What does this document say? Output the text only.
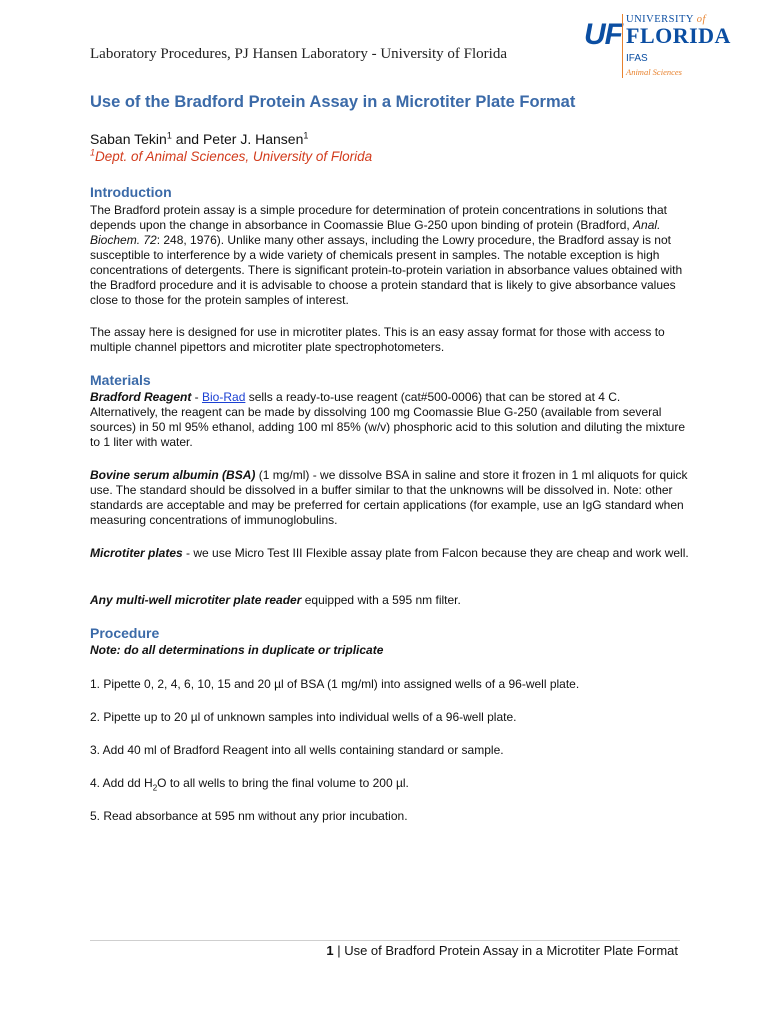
Laboratory Procedures, PJ Hansen Laboratory - University of Florida
UF UNIVERSITY of
FLORIDA
IFAS
Animal Sciences
Use of the Bradford Protein Assay in a Microtiter Plate Format
Saban Tekin$^1$ and Peter J. Hansen$^1$
$^1$Dept. of Animal Sciences, University of Florida
Introduction
The Bradford protein assay is a simple procedure for determination of protein concentrations in solutions that depends upon the change in absorbance in Coomassie Blue G-250 upon binding of protein (Bradford, Anal. Biochem. 72: 248, 1976). Unlike many other assays, including the Lowry procedure, the Bradford assay is not susceptible to interference by a wide variety of chemicals present in samples. The notable exception is high concentrations of detergents. There is significant protein-to-protein variation in absorbance values obtained with the Bradford procedure and it is advisable to choose a protein standard that is likely to give absorbance values close to those for the protein samples of interest.
The assay here is designed for use in microtiter plates. This is an easy assay format for those with access to multiple channel pipettors and microtiter plate spectrophotometers.
Materials
Bradford Reagent - Bio-Rad sells a ready-to-use reagent (cat#500-0006) that can be stored at 4 C. Alternatively, the reagent can be made by dissolving 100 mg Coomassie Blue G-250 (available from several sources) in 50 ml 95% ethanol, adding 100 ml 85% (w/v) phosphoric acid to this solution and diluting the mixture to 1 liter with water.
Bovine serum albumin (BSA) (1 mg/ml) - we dissolve BSA in saline and store it frozen in 1 ml aliquots for quick use. The standard should be dissolved in a buffer similar to that the unknowns will be dissolved in. Note: other standards are acceptable and may be preferred for certain applications (for example, use an IgG standard when measuring concentrations of immunoglobulins.
Microtiter plates - we use Micro Test III Flexible assay plate from Falcon because they are cheap and work well.
Any multi-well microtiter plate reader equipped with a 595 nm filter.
Procedure
Note: do all determinations in duplicate or triplicate
1. Pipette 0, 2, 4, 6, 10, 15 and 20 µl of BSA (1 mg/ml) into assigned wells of a 96-well plate.
2. Pipette up to 20 µl of unknown samples into individual wells of a 96-well plate.
3. Add 40 ml of Bradford Reagent into all wells containing standard or sample.
4. Add dd $H_2O$ to all wells to bring the final volume to 200 µl.
5. Read absorbance at 595 nm without any prior incubation.
1 | Use of Bradford Protein Assay in a Microtiter Plate Format
